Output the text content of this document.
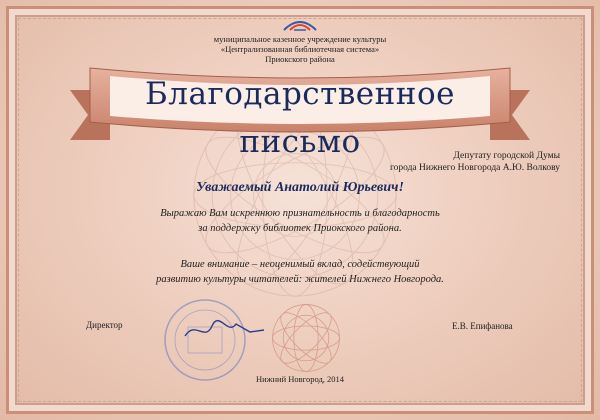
муниципальное казенное учреждение культуры
«Централизованная библиотечная система»
Приокского района
Благодарственное письмо	Депутату городской Думы
города Нижнего Новгорода А.Ю. Волкову
Уважаемый Анатолий Юрьевич!
Выражаю Вам искреннюю признательность и благодарность
за поддержку библиотек Приокского района.
Ваше внимание – неоценимый вклад, содействующий
развитию культуры читателей: жителей Нижнего Новгорода.
Директор	Е.В. Епифанова
Нижний Новгород, 2014
